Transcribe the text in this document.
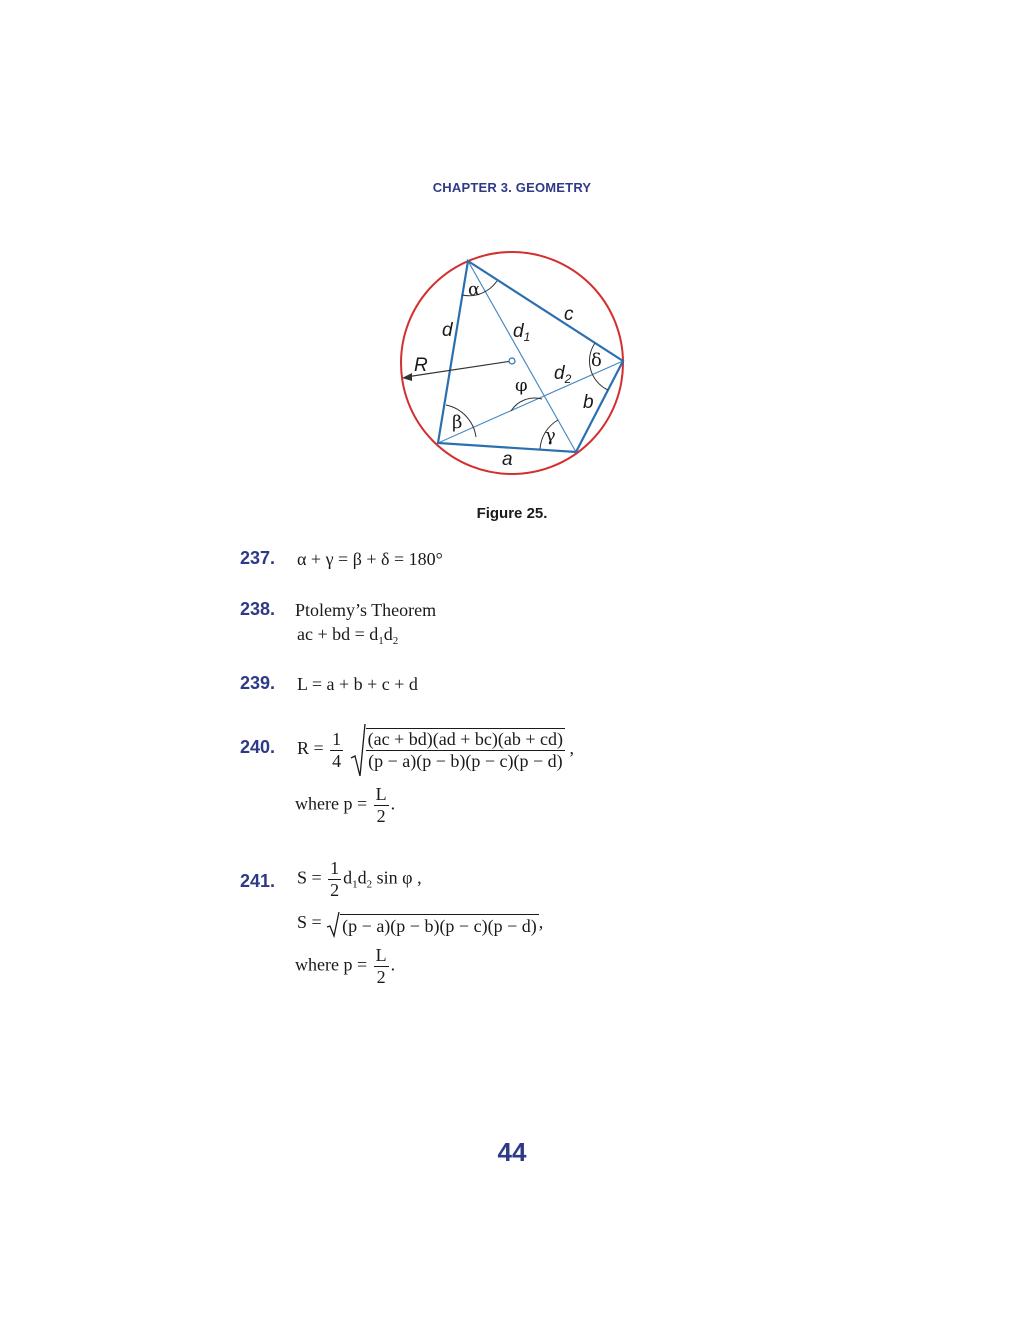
CHAPTER 3. GEOMETRY
α
δ
β
γ
φ
a
b
c
d
R
$d_1$
$d_2$
Figure 25.
237. α + γ = β + δ = 180°
238. Ptolemy’s Theorem
ac + bd = $d_1d_2$
239. L = a + b + c + d
240. $R = \frac{1}{4}$
$\frac{(ac + bd)(ad + bc)(ab + cd)}{(p - a)(p - b)(p - c)(p - d)}$ ,
where $p = \frac{L}{2}$ .
241. $S = \frac{1}{2} d_1d_2$ sin φ ,
S = (p − a)(p − b)(p − c)(p − d) ,
where $p = \frac{L}{2}$ .
44
